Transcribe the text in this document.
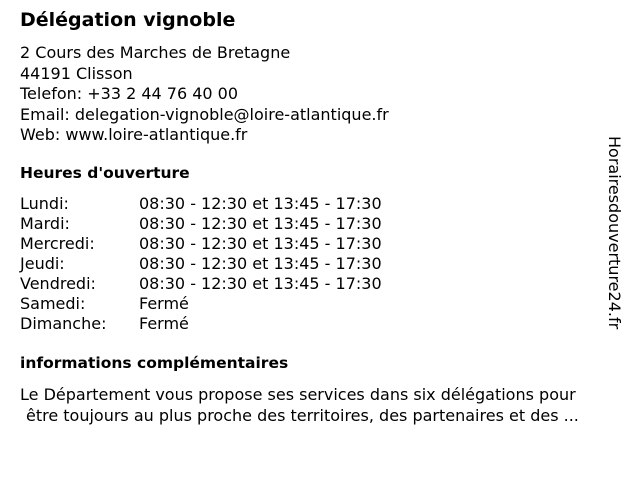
Délégation vignoble
2 Cours des Marches de Bretagne
44191 Clisson
Telefon: +33 2 44 76 40 00
Email: delegation-vignoble@loire-atlantique.fr
Web: www.loire-atlantique.fr
Heures d'ouverture
Lundi:	08:30 - 12:30 et 13:45 - 17:30
Mardi:	08:30 - 12:30 et 13:45 - 17:30
Mercredi:	08:30 - 12:30 et 13:45 - 17:30
Jeudi:	08:30 - 12:30 et 13:45 - 17:30
Vendredi:	08:30 - 12:30 et 13:45 - 17:30
Samedi:	Fermé
Dimanche: Fermé
informations complémentaires
Le Département vous propose ses services dans six délégations pour
être toujours au plus proche des territoires, des partenaires et des ...
Horairesdouverture24.fr
